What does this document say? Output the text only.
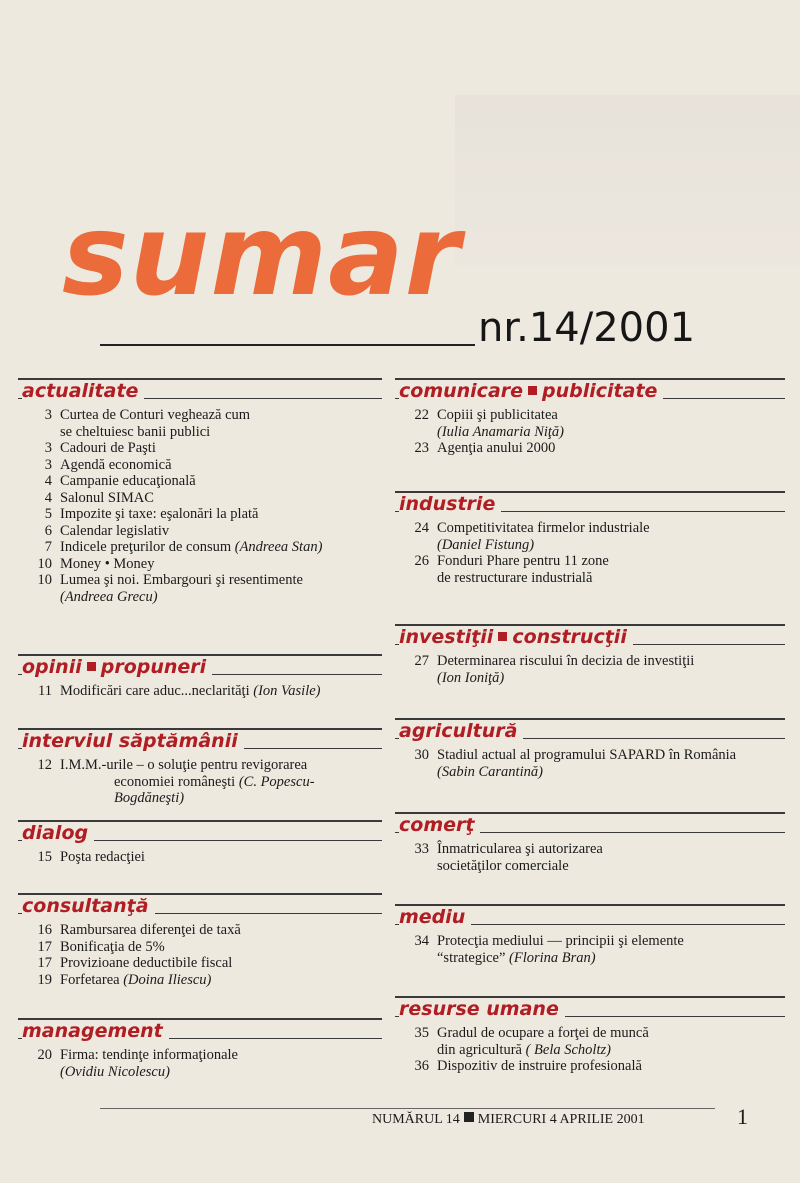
sumar
nr.14/2001
actualitate
3 Curtea de Conturi veghează cum
se cheltuiesc banii publici
3 Cadouri de Paşti
3 Agendă economică
4 Campanie educaţională
4 Salonul SIMAC
5 Impozite şi taxe: eşalonări la plată
6 Calendar legislativ
7 Indicele preţurilor de consum (Andreea Stan)
10 Money • Money
10 Lumea şi noi. Embargouri şi resentimente
(Andreea Grecu)
opinii propuneri
11 Modificări care aduc...neclarităţi (Ion Vasile)
interviul săptămânii
12 I.M.M.-urile – o soluţie pentru revigorarea
economiei româneşti (C. Popescu-Bogdăneşti)
dialog
15 Poşta redacţiei
consultanţă
16 Rambursarea diferenţei de taxă
17 Bonificaţia de 5%
17 Provizioane deductibile fiscal
19 Forfetarea (Doina Iliescu)
management
20 Firma: tendinţe informaţionale
(Ovidiu Nicolescu)
comunicare publicitate
22 Copiii şi publicitatea
(Iulia Anamaria Niţă)
23 Agenţia anului 2000
industrie
24 Competitivitatea firmelor industriale
(Daniel Fistung)
26 Fonduri Phare pentru 11 zone
de restructurare industrială
investiţii construcţii
27 Determinarea riscului în decizia de investiţii
(Ion Ioniţă)
agricultură
30 Stadiul actual al programului SAPARD în România
(Sabin Carantină)
comerţ
33 Înmatricularea şi autorizarea
societăţilor comerciale
mediu
34 Protecţia mediului — principii şi elemente
“strategice” (Florina Bran)
resurse umane
35 Gradul de ocupare a forţei de muncă
din agricultură ( Bela Scholtz)
36 Dispozitiv de instruire profesională
NUMĂRUL 14 MIERCURI 4 APRILIE 2001	1
